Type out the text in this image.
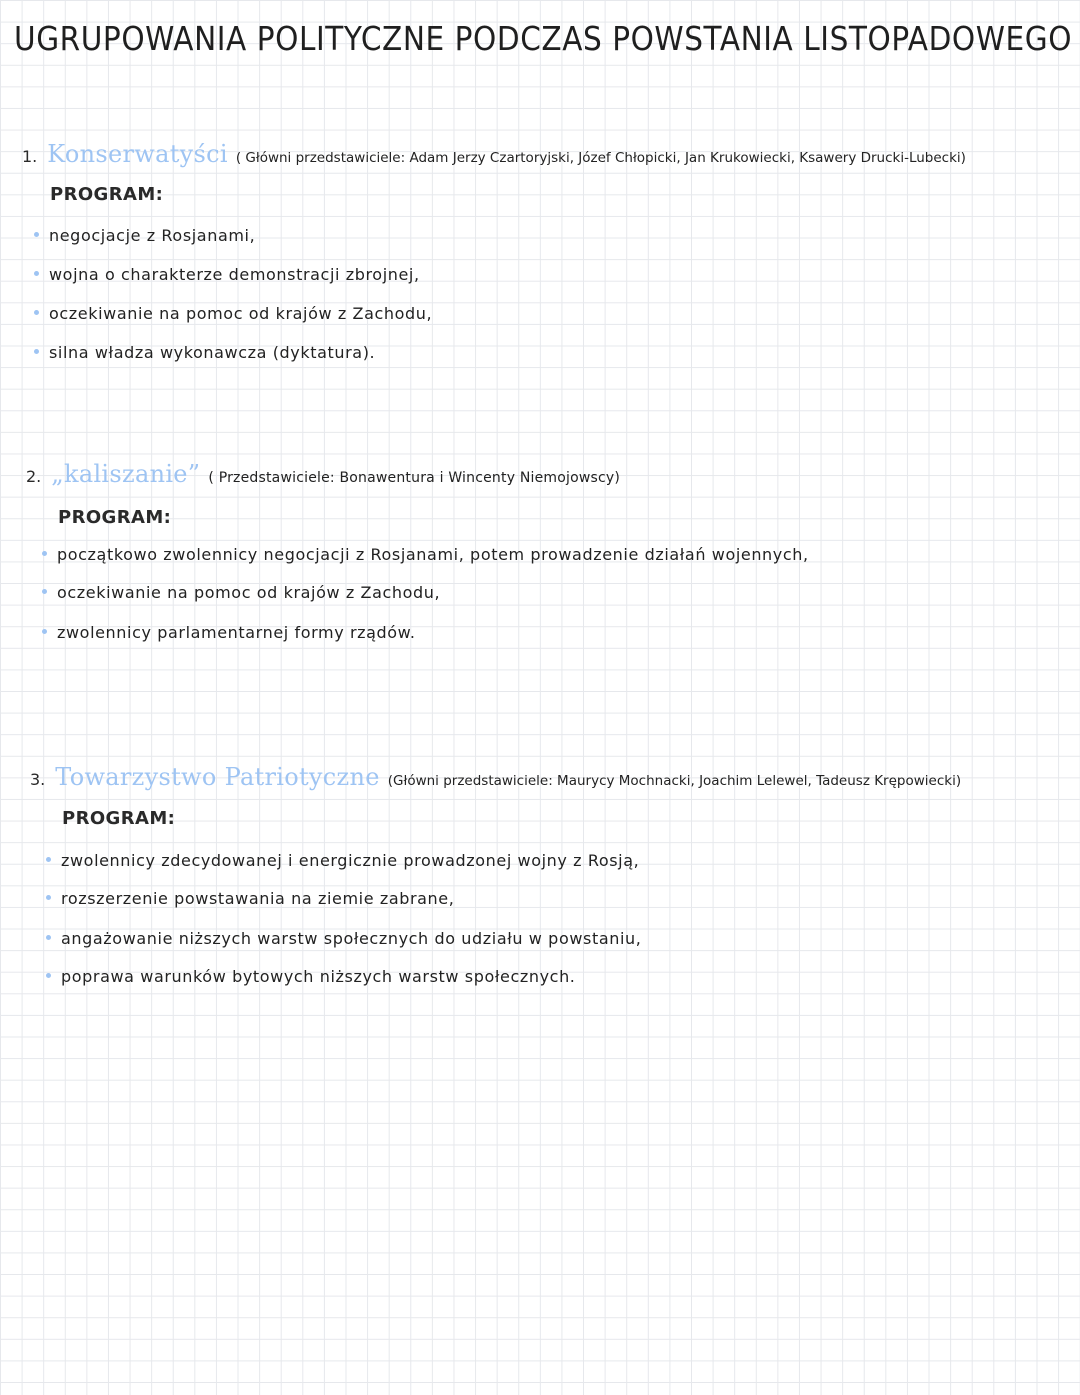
UGRUPOWANIA POLITYCZNE PODCZAS POWSTANIA LISTOPADOWEGO
1. Konserwatyści ( Główni przedstawiciele: Adam Jerzy Czartoryjski, Józef Chłopicki, Jan Krukowiecki, Ksawery Drucki-Lubecki)
PROGRAM:
negocjacje z Rosjanami,
wojna o charakterze demonstracji zbrojnej,
oczekiwanie na pomoc od krajów z Zachodu,
silna władza wykonawcza (dyktatura).
2. „kaliszanie” ( Przedstawiciele: Bonawentura i Wincenty Niemojowscy)
PROGRAM:
początkowo zwolennicy negocjacji z Rosjanami, potem prowadzenie działań wojennych,
oczekiwanie na pomoc od krajów z Zachodu,
zwolennicy parlamentarnej formy rządów.
3. Towarzystwo Patriotyczne (Główni przedstawiciele: Maurycy Mochnacki, Joachim Lelewel, Tadeusz Krępowiecki)
PROGRAM:
zwolennicy zdecydowanej i energicznie prowadzonej wojny z Rosją,
rozszerzenie powstawania na ziemie zabrane,
angażowanie niższych warstw społecznych do udziału w powstaniu,
poprawa warunków bytowych niższych warstw społecznych.
